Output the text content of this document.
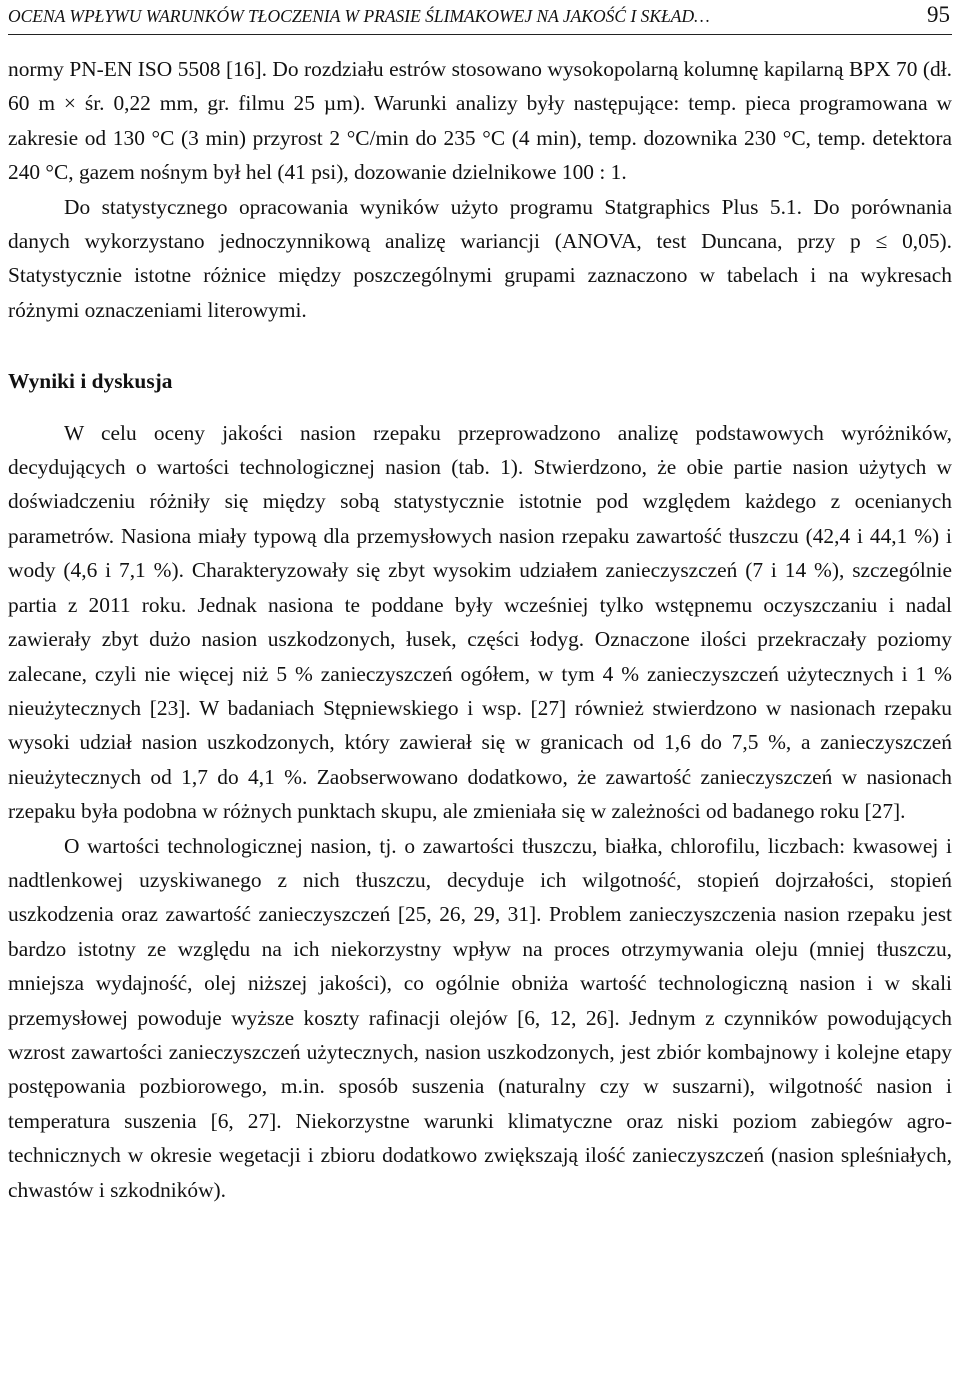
OCENA WPŁYWU WARUNKÓW TŁOCZENIA W PRASIE ŚLIMAKOWEJ NA JAKOŚĆ I SKŁAD…	95

normy PN-EN ISO 5508 [16]. Do rozdziału estrów stosowano wysokopolarną kolumnę kapilarną BPX 70 (dł. 60 m × śr. 0,22 mm, gr. filmu 25 µm). Warunki analizy były następujące: temp. pieca programowana w zakresie od 130 °C (3 min) przyrost 2 °C/min do 235 °C (4 min), temp. dozownika 230 °C, temp. detektora 240 °C, gazem nośnym był hel (41 psi), dozowanie dzielnikowe 100 : 1.

Do statystycznego opracowania wyników użyto programu Statgraphics Plus 5.1. Do porównania danych wykorzystano jednoczynnikową analizę wariancji (ANOVA, test Duncana, przy p ≤ 0,05). Statystycznie istotne różnice między poszczególnymi grupami zaznaczono w tabelach i na wykresach różnymi oznaczeniami literowymi.

Wyniki i dyskusja

W celu oceny jakości nasion rzepaku przeprowadzono analizę podstawowych wyróżników, decydujących o wartości technologicznej nasion (tab. 1). Stwierdzono, że obie partie nasion użytych w doświadczeniu różniły się między sobą statystycznie istotnie pod względem każdego z ocenianych parametrów. Nasiona miały typową dla przemysłowych nasion rzepaku zawartość tłuszczu (42,4 i 44,1 %) i wody (4,6 i 7,1 %). Charakteryzowały się zbyt wysokim udziałem zanieczyszczeń (7 i 14 %), szczególnie partia z 2011 roku. Jednak nasiona te poddane były wcześniej tylko wstępnemu oczyszczaniu i nadal zawierały zbyt dużo nasion uszkodzonych, łusek, części łodyg. Oznaczone ilości przekraczały poziomy zalecane, czyli nie więcej niż 5 % zanieczyszczeń ogółem, w tym 4 % zanieczyszczeń użytecznych i 1 % nieużytecznych [23]. W badaniach Stępniewskiego i wsp. [27] również stwierdzono w nasionach rzepaku wysoki udział nasion uszkodzonych, który zawierał się w granicach od 1,6 do 7,5 %, a zanieczyszczeń nieużytecznych od 1,7 do 4,1 %. Zaobserwowano dodatkowo, że zawartość zanieczyszczeń w nasionach rzepaku była podobna w różnych punktach skupu, ale zmieniała się w zależności od badanego roku [27].

O wartości technologicznej nasion, tj. o zawartości tłuszczu, białka, chlorofilu, liczbach: kwasowej i nadtlenkowej uzyskiwanego z nich tłuszczu, decyduje ich wilgotność, stopień dojrzałości, stopień uszkodzenia oraz zawartość zanieczyszczeń [25, 26, 29, 31]. Problem zanieczyszczenia nasion rzepaku jest bardzo istotny ze względu na ich niekorzystny wpływ na proces otrzymywania oleju (mniej tłuszczu, mniejsza wydajność, olej niższej jakości), co ogólnie obniża wartość technologiczną nasion i w skali przemysłowej powoduje wyższe koszty rafinacji olejów [6, 12, 26]. Jednym z czynników powodujących wzrost zawartości zanieczyszczeń użytecznych, nasion uszkodzonych, jest zbiór kombajnowy i kolejne etapy postępowania pozbiorowego, m.in. sposób suszenia (naturalny czy w suszarni), wilgotność nasion i temperatura suszenia [6, 27]. Niekorzystne warunki klimatyczne oraz niski poziom zabiegów agrotechnicznych w okresie wegetacji i zbioru dodatkowo zwiększają ilość zanieczyszczeń (nasion spleśniałych, chwastów i szkodników).
